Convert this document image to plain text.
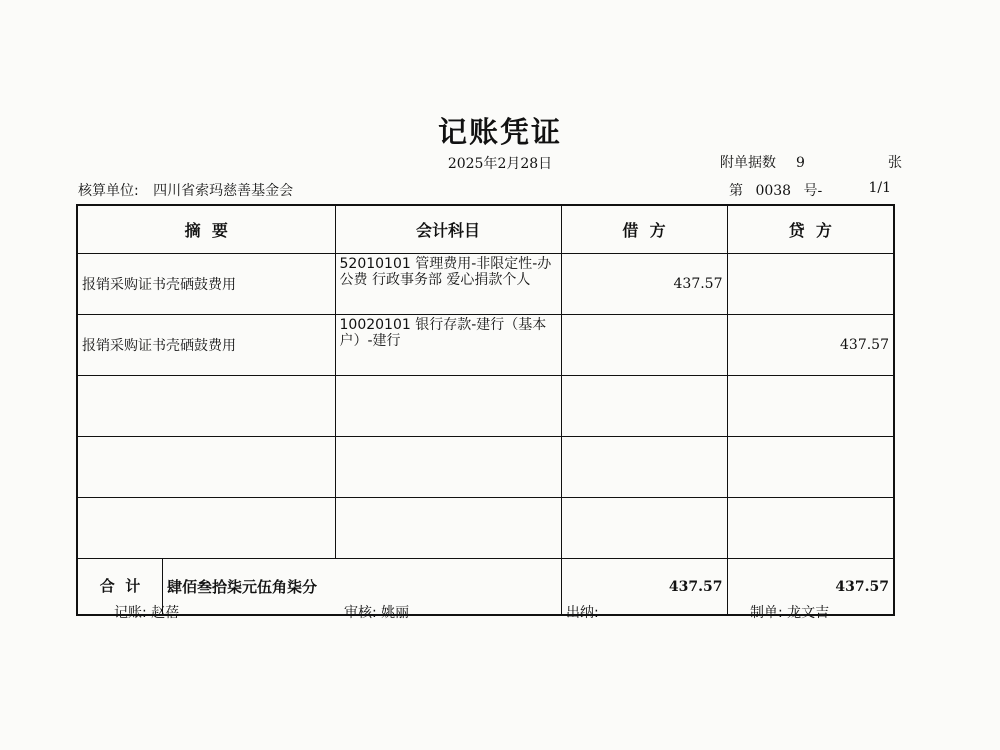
记账凭证
2025年2月28日	附单据数 9	张
核算单位: 四川省索玛慈善基金会	第 0038 号-	1/1
摘  要	会计科目	借  方	贷  方
报销采购证书壳硒鼓费用	52010101 管理费用-非限定性-办公费 行政事务部 爱心捐款个人	437.57	
报销采购证书壳硒鼓费用	10020101 银行存款-建行（基本户）-建行		437.57

合  计 肆佰叁拾柒元伍角柒分		437.57	437.57
记账: 赵蓓	审核: 姚丽	出纳:	制单: 龙文吉
